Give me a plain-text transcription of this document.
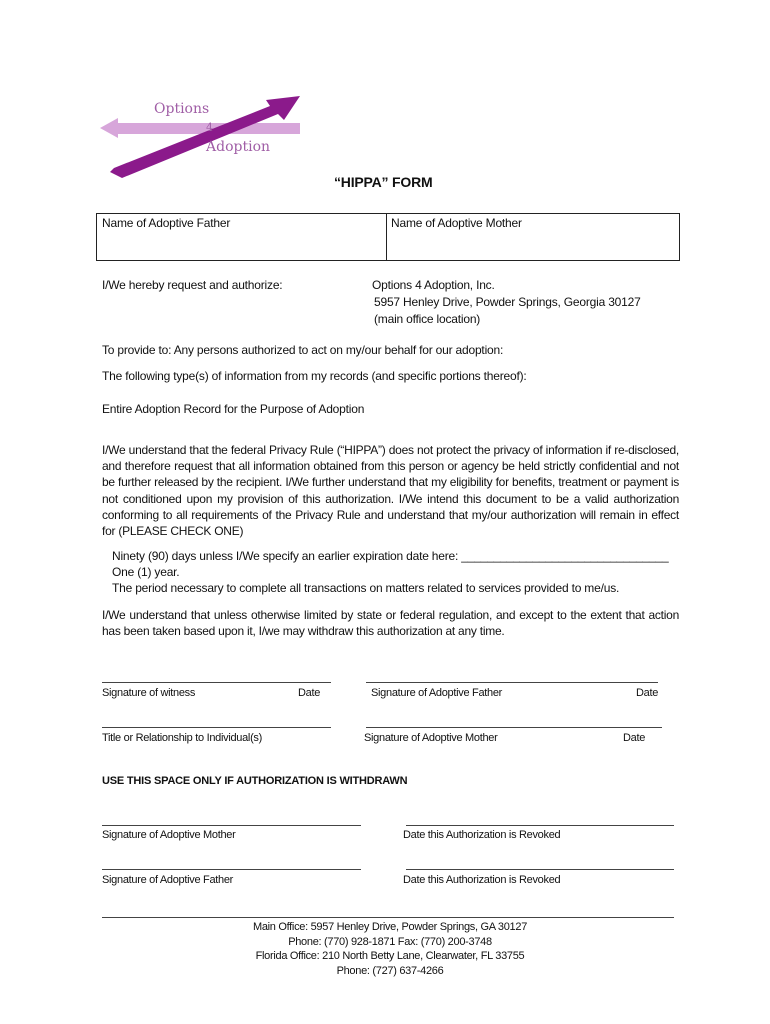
Options
4
Adoption
“HIPPA” FORM
Name of Adoptive Father	Name of Adoptive Mother
I/We hereby request and authorize:	Options 4 Adoption, Inc.
5957 Henley Drive, Powder Springs, Georgia 30127
(main office location)
To provide to: Any persons authorized to act on my/our behalf for our adoption:
The following type(s) of information from my records (and specific portions thereof):
Entire Adoption Record for the Purpose of Adoption
I/We understand that the federal Privacy Rule (“HIPPA”) does not protect the privacy of information if re-disclosed,
and therefore request that all information obtained from this person or agency be held strictly confidential and not
be further released by the recipient. I/We further understand that my eligibility for benefits, treatment or payment is
not conditioned upon my provision of this authorization. I/We intend this document to be a valid authorization
conforming to all requirements of the Privacy Rule and understand that my/our authorization will remain in effect
for (PLEASE CHECK ONE)
Ninety (90) days unless I/We specify an earlier expiration date here: ________________________________
One (1) year.
The period necessary to complete all transactions on matters related to services provided to me/us.
I/We understand that unless otherwise limited by state or federal regulation, and except to the extent that action
has been taken based upon it, I/we may withdraw this authorization at any time.
Signature of witness	Date	Signature of Adoptive Father	Date
Title or Relationship to Individual(s)	Signature of Adoptive Mother	Date
USE THIS SPACE ONLY IF AUTHORIZATION IS WITHDRAWN
Signature of Adoptive Mother	Date this Authorization is Revoked
Signature of Adoptive Father	Date this Authorization is Revoked
Main Office: 5957 Henley Drive, Powder Springs, GA 30127
Phone: (770) 928-1871 Fax: (770) 200-3748
Florida Office: 210 North Betty Lane, Clearwater, FL 33755
Phone: (727) 637-4266
